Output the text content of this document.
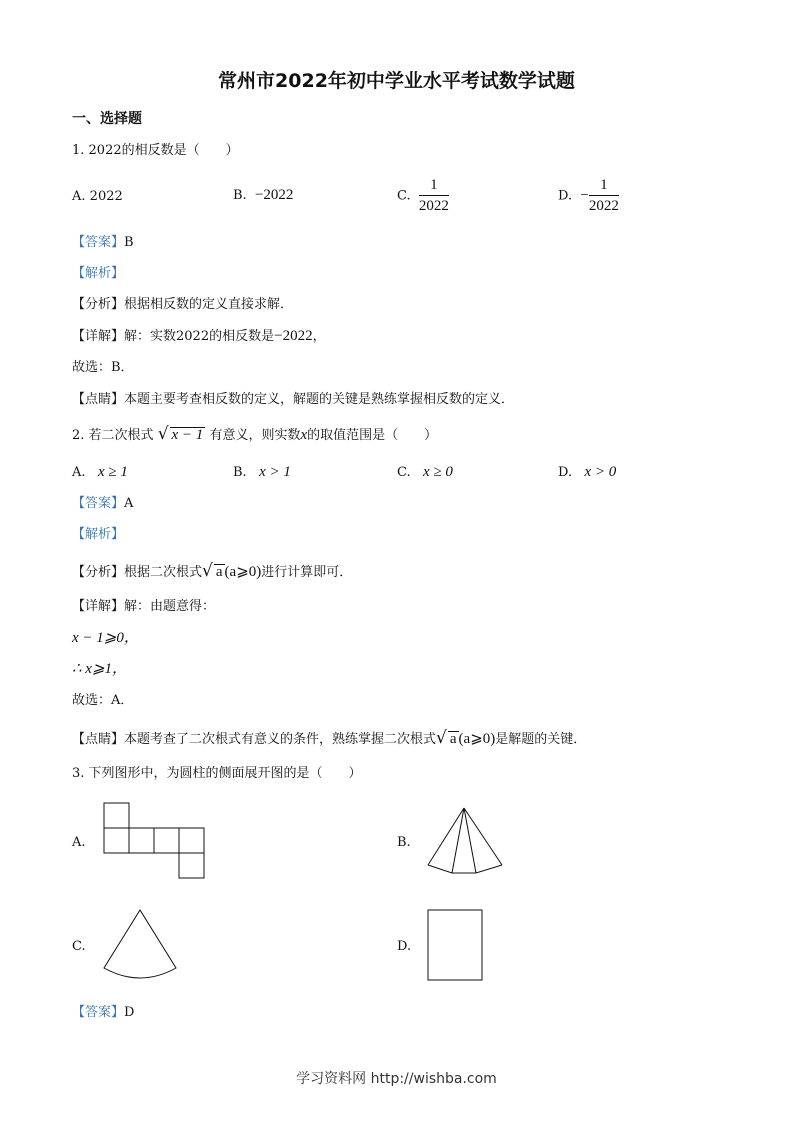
常州市2022年初中学业水平考试数学试题
一、选择题
1. 2022的相反数是（　　）
A. 2022	B. −2022	C. $\frac{1}{2022}$	D. − $\frac{1}{2022}$
【答案】B
【解析】
【分析】根据相反数的定义直接求解．
【详解】解：实数2022的相反数是−2022，
故选：B．
【点睛】本题主要考查相反数的定义，解题的关键是熟练掌握相反数的定义．
2. 若二次根式 √ x − 1 有意义，则实数x的取值范围是（　　）
A. x ≥ 1	B. x > 1	C. x ≥ 0	D. x > 0
【答案】A
【解析】
【分析】根据二次根式√ a (a⩾0)进行计算即可．
【详解】解：由题意得：
x − 1⩾0，
∴ x⩾1，
故选：A．
【点睛】本题考查了二次根式有意义的条件，熟练掌握二次根式√ a (a⩾0)是解题的关键．
3. 下列图形中，为圆柱的侧面展开图的是（　　）
A.	B.
C.	D.
【答案】D
学习资料网 http://wishba.com
